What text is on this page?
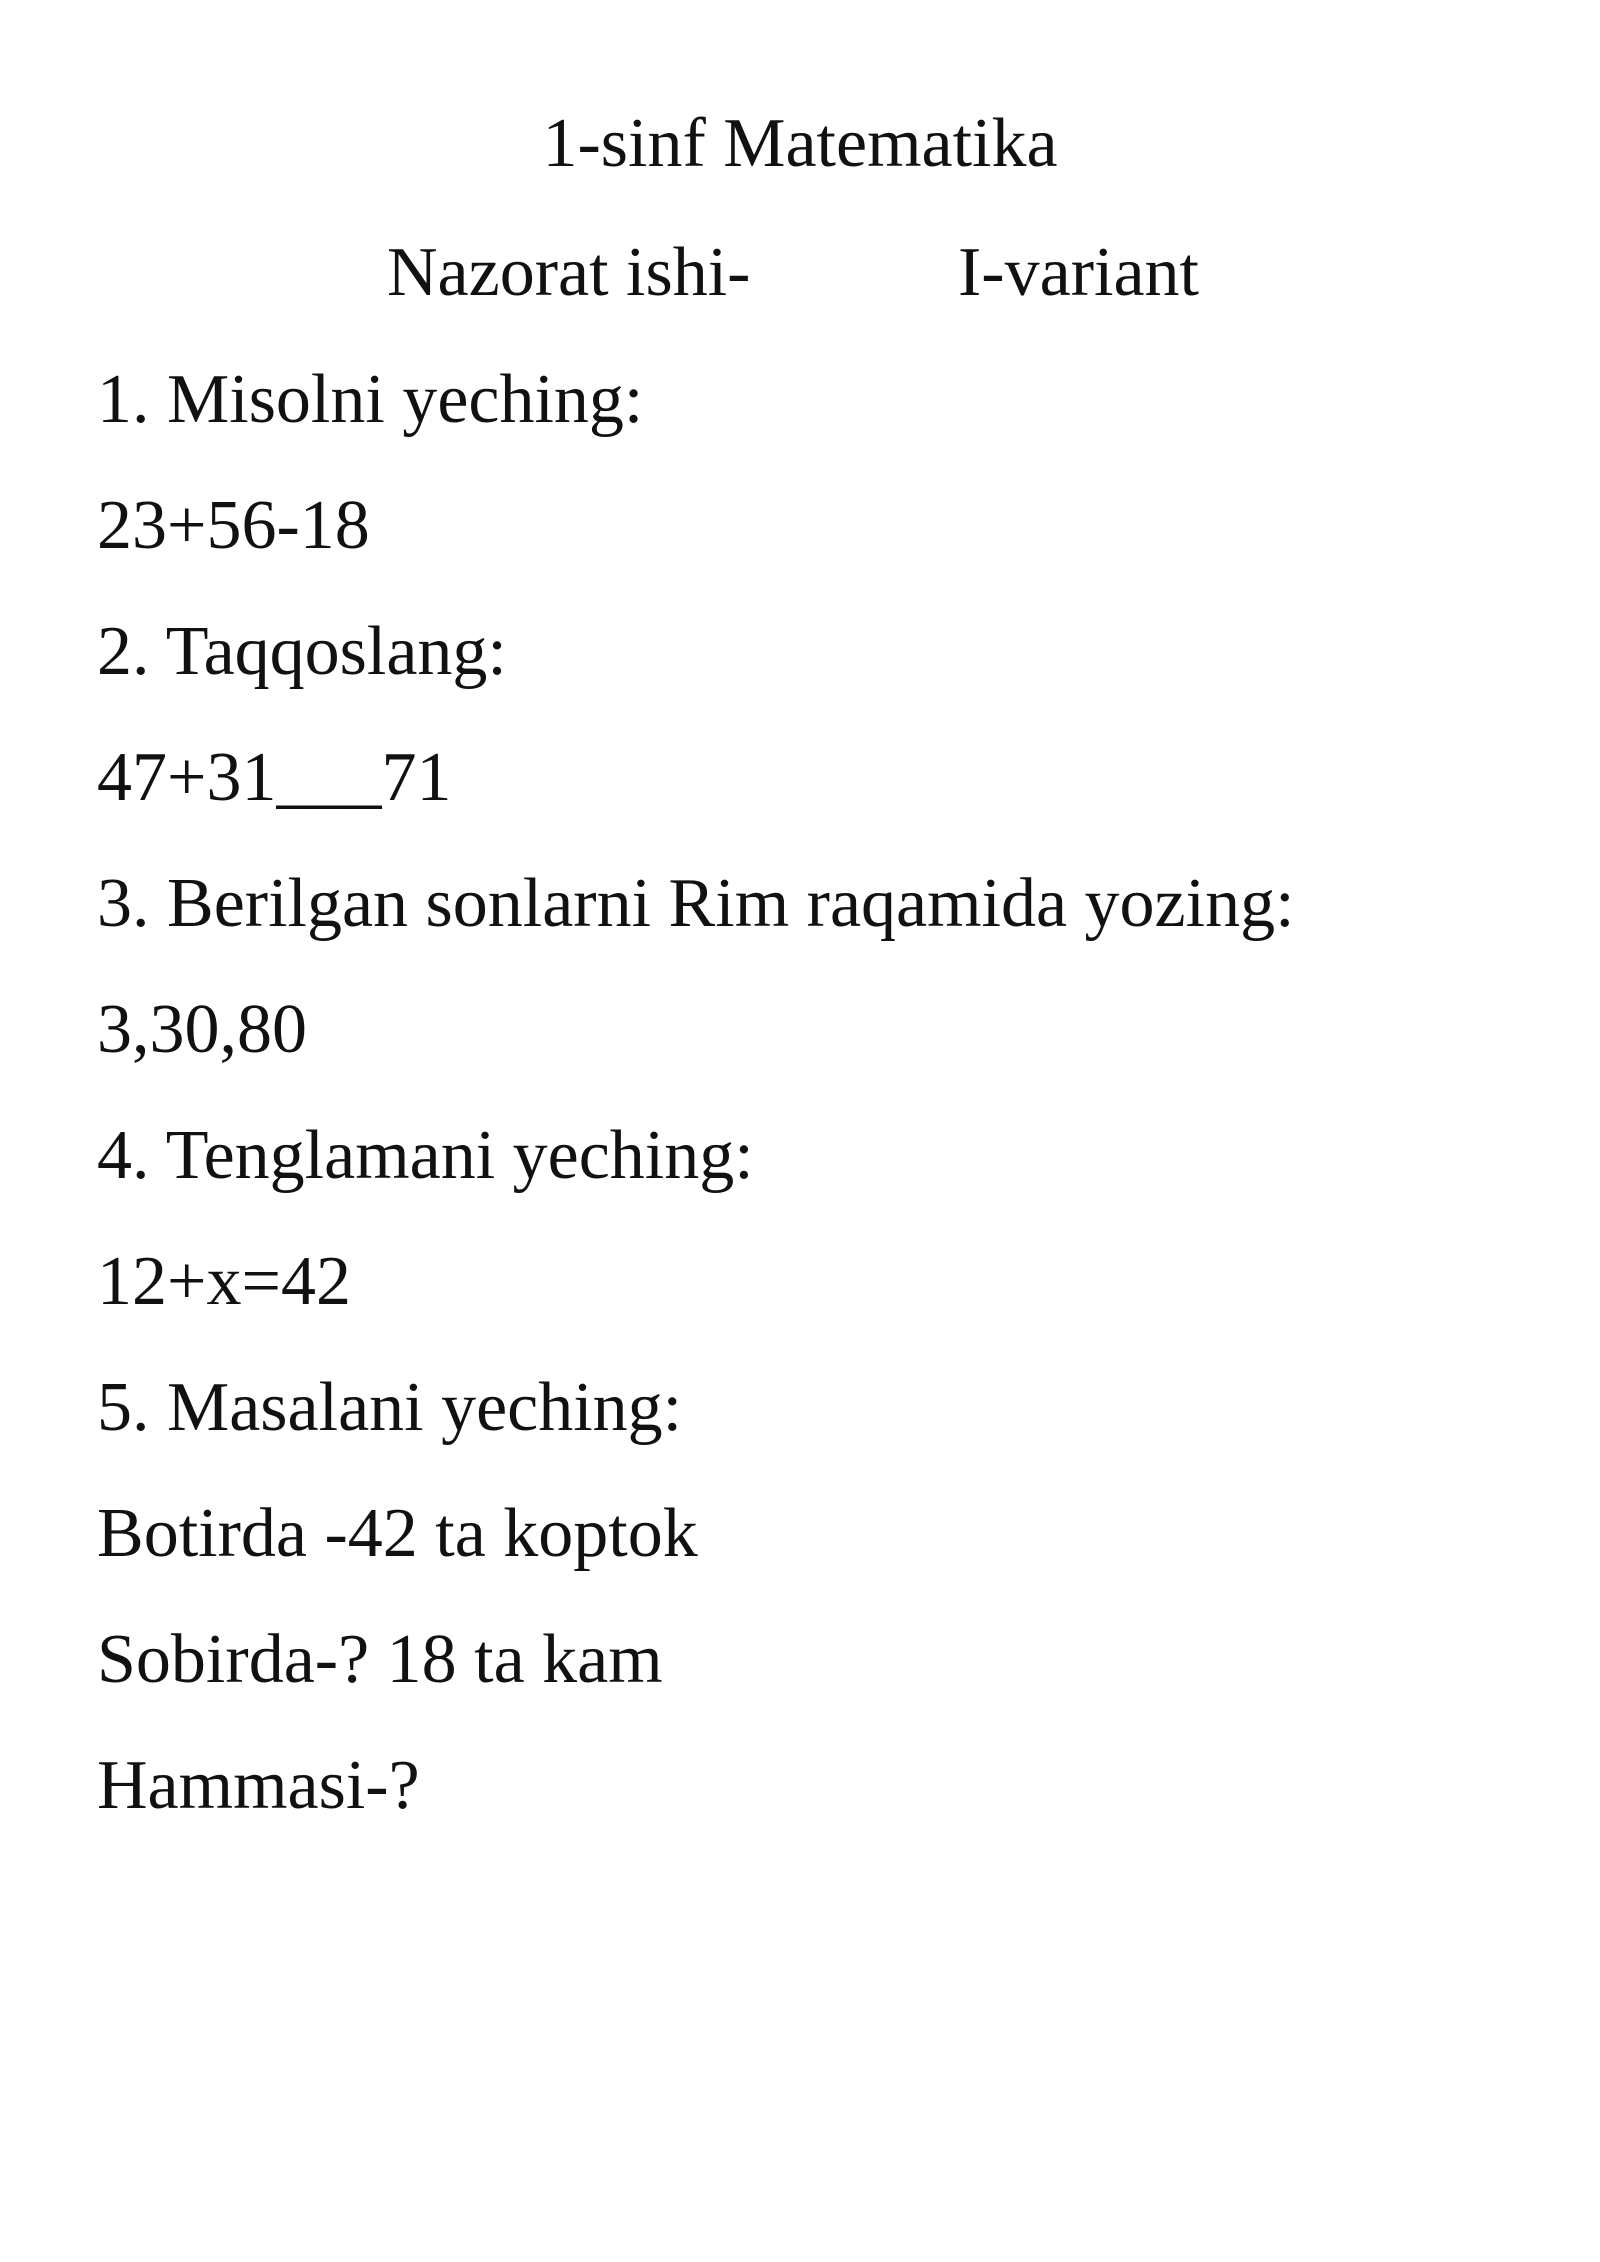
1-sinf Matematika
Nazorat ishi-	I-variant
1. Misolni yeching:
23+56-18
2. Taqqoslang:
47+31___71
3. Berilgan sonlarni Rim raqamida yozing:
3,30,80
4. Tenglamani yeching:
12+x=42
5. Masalani yeching:
Botirda -42 ta koptok
Sobirda-? 18 ta kam
Hammasi-?
